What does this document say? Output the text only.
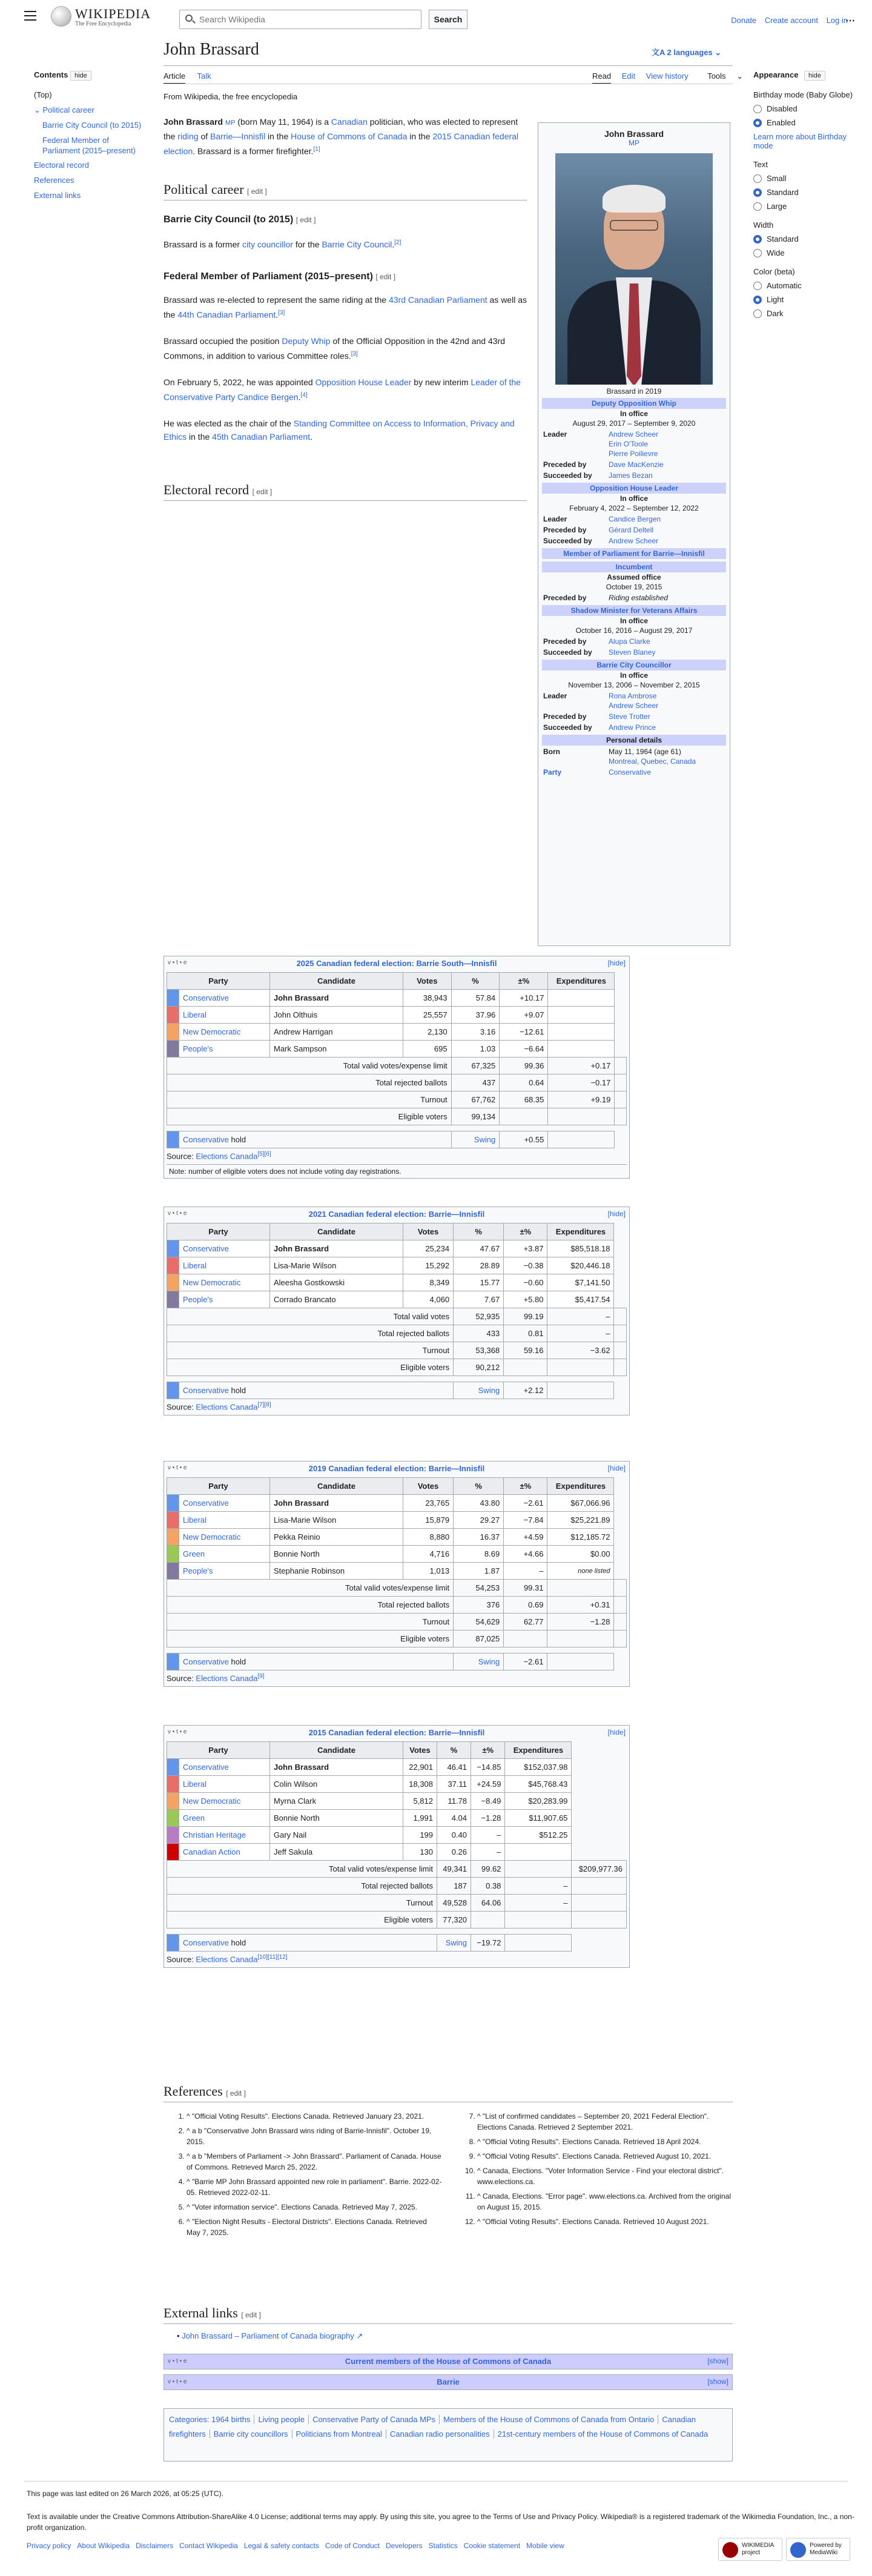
WIKIPEDIA
The Free Encyclopedia
Search Wikipedia	Search	Donate Create account Log in
⋯
Contents hide
(Top)
⌄ Political career
Barrie City Council (to 2015)
Federal Member of Parliament (2015–present)
Electoral record
References
External links
John Brassard	文A 2 languages ⌄
Article Talk	Read Edit View history Tools ⌄
From Wikipedia, the free encyclopedia
John Brassard MP (born May 11, 1964) is a Canadian politician, who was elected to represent the riding of Barrie—Innisfil in the House of Commons of Canada in the 2015 Canadian federal election. Brassard is a former firefighter.[1]
Political career [ edit ]
Barrie City Council (to 2015) [ edit ]
Brassard is a former city councillor for the Barrie City Council.[2]
Federal Member of Parliament (2015–present) [ edit ]
Brassard was re-elected to represent the same riding at the 43rd Canadian Parliament as well as the 44th Canadian Parliament.[3]
Brassard occupied the position Deputy Whip of the Official Opposition in the 42nd and 43rd Commons, in addition to various Committee roles.[3]
On February 5, 2022, he was appointed Opposition House Leader by new interim Leader of the Conservative Party Candice Bergen.[4]
He was elected as the chair of the Standing Committee on Access to Information, Privacy and Ethics in the 45th Canadian Parliament.
Electoral record [ edit ]
John Brassard
MP
Brassard in 2019
Deputy Opposition Whip
In office
August 29, 2017 – September 9, 2020
Leader	Andrew Scheer
Erin O'Toole
Pierre Poilievre
Preceded by	Dave MacKenzie
Succeeded by	James Bezan
Opposition House Leader
In office
February 4, 2022 – September 12, 2022
Leader	Candice Bergen
Preceded by	Gérard Deltell
Succeeded by	Andrew Scheer
Member of Parliament for Barrie—Innisfil
Incumbent
Assumed office
October 19, 2015
Preceded by	Riding established
Shadow Minister for Veterans Affairs
In office
October 16, 2016 – August 29, 2017
Preceded by	Alupa Clarke
Succeeded by	Steven Blaney
Barrie City Councillor
In office
November 13, 2006 – November 2, 2015
Leader	Rona Ambrose
Andrew Scheer
Preceded by	Steve Trotter
Succeeded by	Andrew Prince
Personal details
Born	May 11, 1964 (age 61)
Montreal, Quebec, Canada
Party	Conservative
v • t • e	2025 Canadian federal election: Barrie South—Innisfil	[hide]
Party		Candidate	Votes	%	±%	Expenditures	
	Conservative	John Brassard	38,943	57.84	+10.17		
	Liberal	John Olthuis	25,557	37.96	+9.07		
	New Democratic	Andrew Harrigan	2,130	3.16	−12.61		
	People's	Mark Sampson	695	1.03	−6.64		
Total valid votes/expense limit				67,325	99.36	+0.17	
Total rejected ballots				437	0.64	−0.17	
Turnout				67,762	68.35	+9.19	
Eligible voters				99,134			

	Conservative hold			Swing	+0.55		
Source: Elections Canada[5][6]
Note: number of eligible voters does not include voting day registrations.
v • t • e	2021 Canadian federal election: Barrie—Innisfil	[hide]
Party		Candidate	Votes	%	±%	Expenditures	
	Conservative	John Brassard	25,234	47.67	+3.87	$85,518.18	
	Liberal	Lisa-Marie Wilson	15,292	28.89	−0.38	$20,446.18	
	New Democratic	Aleesha Gostkowski	8,349	15.77	−0.60	$7,141.50	
	People's	Corrado Brancato	4,060	7.67	+5.80	$5,417.54	
Total valid votes				52,935	99.19	–	
Total rejected ballots				433	0.81	–	
Turnout				53,368	59.16	−3.62	
Eligible voters				90,212			

	Conservative hold			Swing	+2.12		
Source: Elections Canada[7][8]
v • t • e	2019 Canadian federal election: Barrie—Innisfil	[hide]
Party		Candidate	Votes	%	±%	Expenditures	
	Conservative	John Brassard	23,765	43.80	−2.61	$67,066.96	
	Liberal	Lisa-Marie Wilson	15,879	29.27	−7.84	$25,221.89	
	New Democratic	Pekka Reinio	8,880	16.37	+4.59	$12,185.72	
	Green	Bonnie North	4,716	8.69	+4.66	$0.00	
	People's	Stephanie Robinson	1,013	1.87	–	none listed	
Total valid votes/expense limit				54,253	99.31		
Total rejected ballots				376	0.69	+0.31	
Turnout				54,629	62.77	−1.28	
Eligible voters				87,025			

	Conservative hold			Swing	−2.61		
Source: Elections Canada[9]
v • t • e	2015 Canadian federal election: Barrie—Innisfil	[hide]
Party		Candidate	Votes	%	±%	Expenditures	
	Conservative	John Brassard	22,901	46.41	−14.85	$152,037.98	
	Liberal	Colin Wilson	18,308	37.11	+24.59	$45,768.43	
	New Democratic	Myrna Clark	5,812	11.78	−8.49	$20,283.99	
	Green	Bonnie North	1,991	4.04	−1.28	$11,907.65	
	Christian Heritage	Gary Nail	199	0.40	–	$512.25	
	Canadian Action	Jeff Sakula	130	0.26	–		
Total valid votes/expense limit				49,341	99.62		$209,977.36
Total rejected ballots				187	0.38	–	
Turnout				49,528	64.06	–	
Eligible voters				77,320			

	Conservative hold			Swing	−19.72		
Source: Elections Canada[10][11][12]
References [ edit ]
1. ^ "Official Voting Results". Elections Canada. Retrieved January 23, 2021.
2. ^ a b "Conservative John Brassard wins riding of Barrie-Innisfil". October 19, 2015.
3. ^ a b "Members of Parliament -> John Brassard". Parliament of Canada. House of Commons. Retrieved March 25, 2022.
4. ^ "Barrie MP John Brassard appointed new role in parliament". Barrie. 2022-02-05. Retrieved 2022-02-11.
5. ^ "Voter information service". Elections Canada. Retrieved May 7, 2025.
6. ^ "Election Night Results - Electoral Districts". Elections Canada. Retrieved May 7, 2025.
7. ^ "List of confirmed candidates – September 20, 2021 Federal Election". Elections Canada. Retrieved 2 September 2021.
8. ^ "Official Voting Results". Elections Canada. Retrieved 18 April 2024.
9. ^ "Official Voting Results". Elections Canada. Retrieved August 10, 2021.
10. ^ Canada, Elections. "Voter Information Service - Find your electoral district". www.elections.ca.
11. ^ Canada, Elections. "Error page". www.elections.ca. Archived from the original on August 15, 2015.
12. ^ "Official Voting Results". Elections Canada. Retrieved 10 August 2021.
External links [ edit ]
• John Brassard – Parliament of Canada biography ↗
v • t • e	Current members of the House of Commons of Canada	[show]
v • t • e	Barrie	[show]
Categories: 1964 births Living people Conservative Party of Canada MPs Members of the House of Commons of Canada from Ontario Canadian firefighters Barrie city councillors Politicians from Montreal Canadian radio personalities 21st-century members of the House of Commons of Canada
This page was last edited on 26 March 2026, at 05:25 (UTC).
Text is available under the Creative Commons Attribution-ShareAlike 4.0 License; additional terms may apply. By using this site, you agree to the Terms of Use and Privacy Policy. Wikipedia® is a registered trademark of the Wikimedia Foundation, Inc., a non-profit organization.
Privacy policy About Wikipedia Disclaimers Contact Wikipedia Legal & safety contacts Code of Conduct Developers Statistics Cookie statement Mobile view	WIKIMEDIA project
Powered by MediaWiki
Appearance hide
Birthday mode (Baby Globe)
Disabled
Enabled
Learn more about Birthday mode
Text
Small
Standard
Large
Width
Standard
Wide
Color (beta)
Automatic
Light
Dark
